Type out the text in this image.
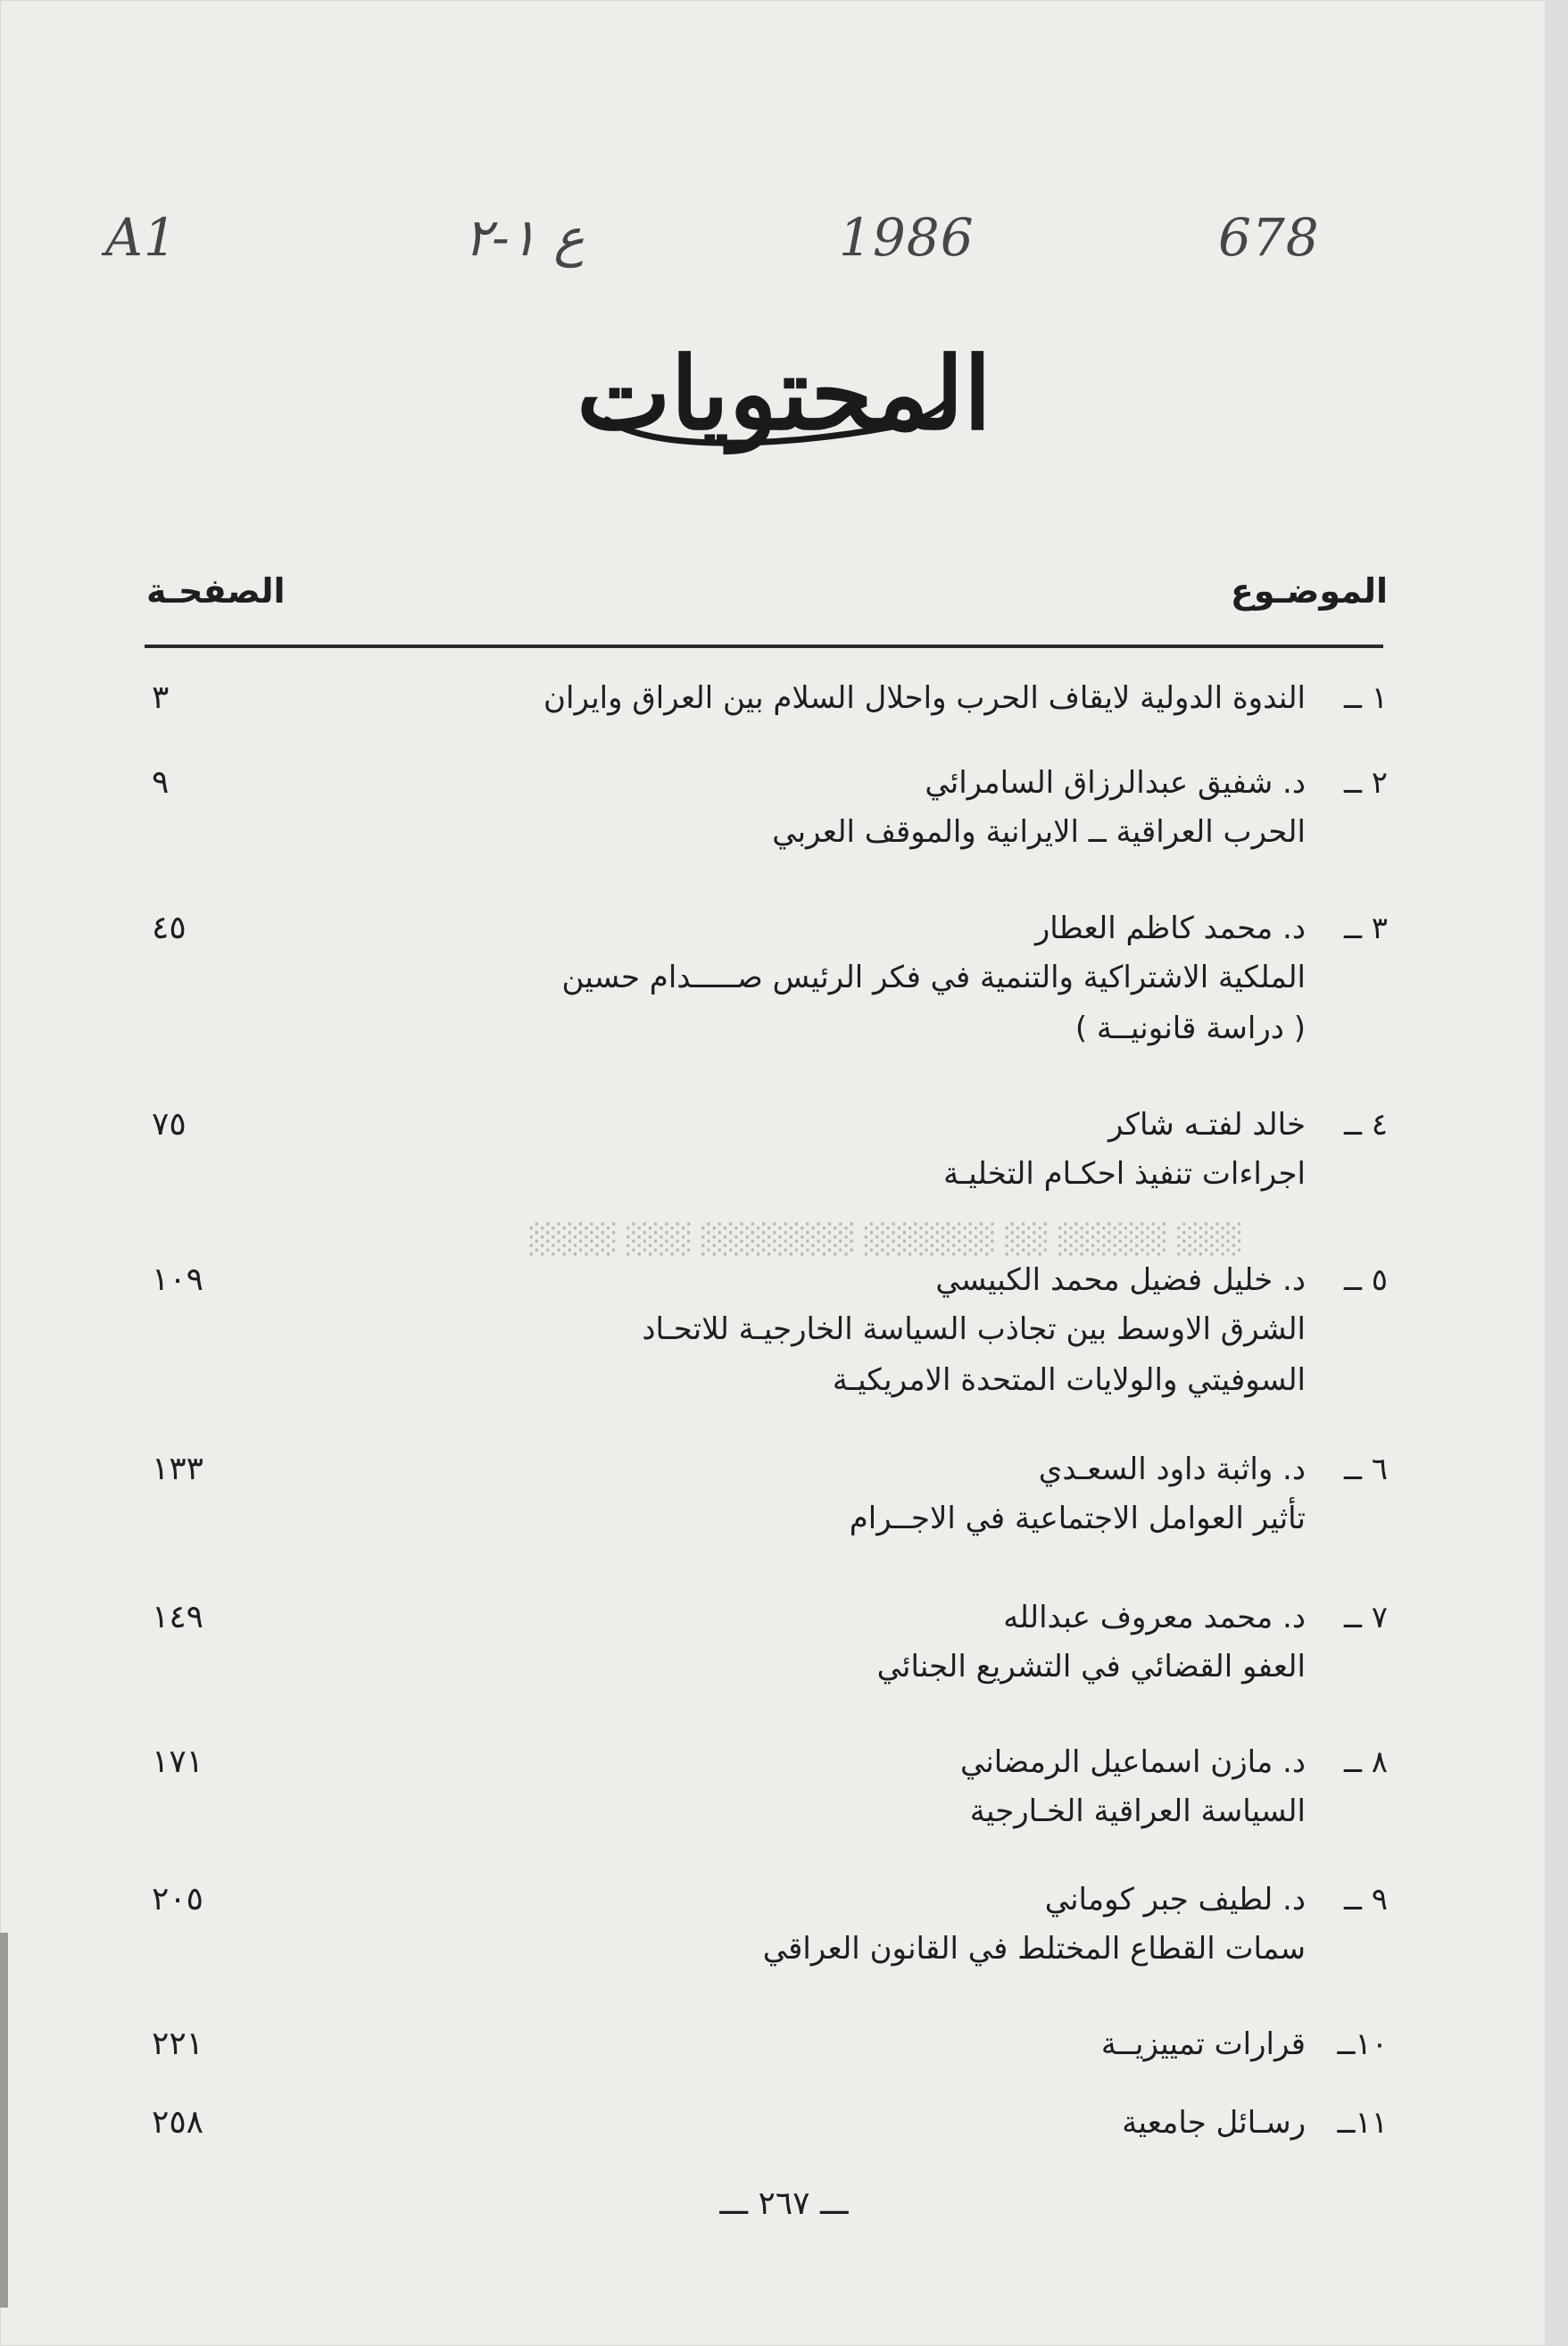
A1	ع ١-٢	1986	678
المحتويات
الموضـوع
الصفحـة
١ ــالندوة الدولية لايقاف الحرب واحلال السلام بين العراق وايران
٣
٢ ــد. شفيق عبدالرزاق السامرائي
الحرب العراقية ــ الايرانية والموقف العربي
٩
٣ ــد. محمد كاظم العطار
الملكية الاشتراكية والتنمية في فكر الرئيس صـــــدام حسين
( دراسة قانونيــة )
٤٥
٤ ــخالد لفتـه شاكر
اجراءات تنفيذ احكـام التخليـة
٧٥
░░░░ ░░░ ░░░░░░░ ░░░░░░ ░░ ░░░░░ ░░░
٥ ــد. خليل فضيل محمد الكبيسي
الشرق الاوسط بين تجاذب السياسة الخارجيـة للاتحـاد
السوفيتي والولايات المتحدة الامريكيـة
١٠٩
٦ ــد. واثبة داود السعـدي
تأثير العوامل الاجتماعية في الاجــرام
١٣٣
٧ ــد. محمد معروف عبدالله
العفو القضائي في التشريع الجنائي
١٤٩
٨ ــد. مازن اسماعيل الرمضاني
السياسة العراقية الخـارجية
١٧١
٩ ــد. لطيف جبر كوماني
سمات القطاع المختلط في القانون العراقي
٢٠٥
١٠ــقرارات تمييزيــة
٢٢١
١١ــرسـائل جامعية
٢٥٨
ـــ ٢٦٧ ـــ
